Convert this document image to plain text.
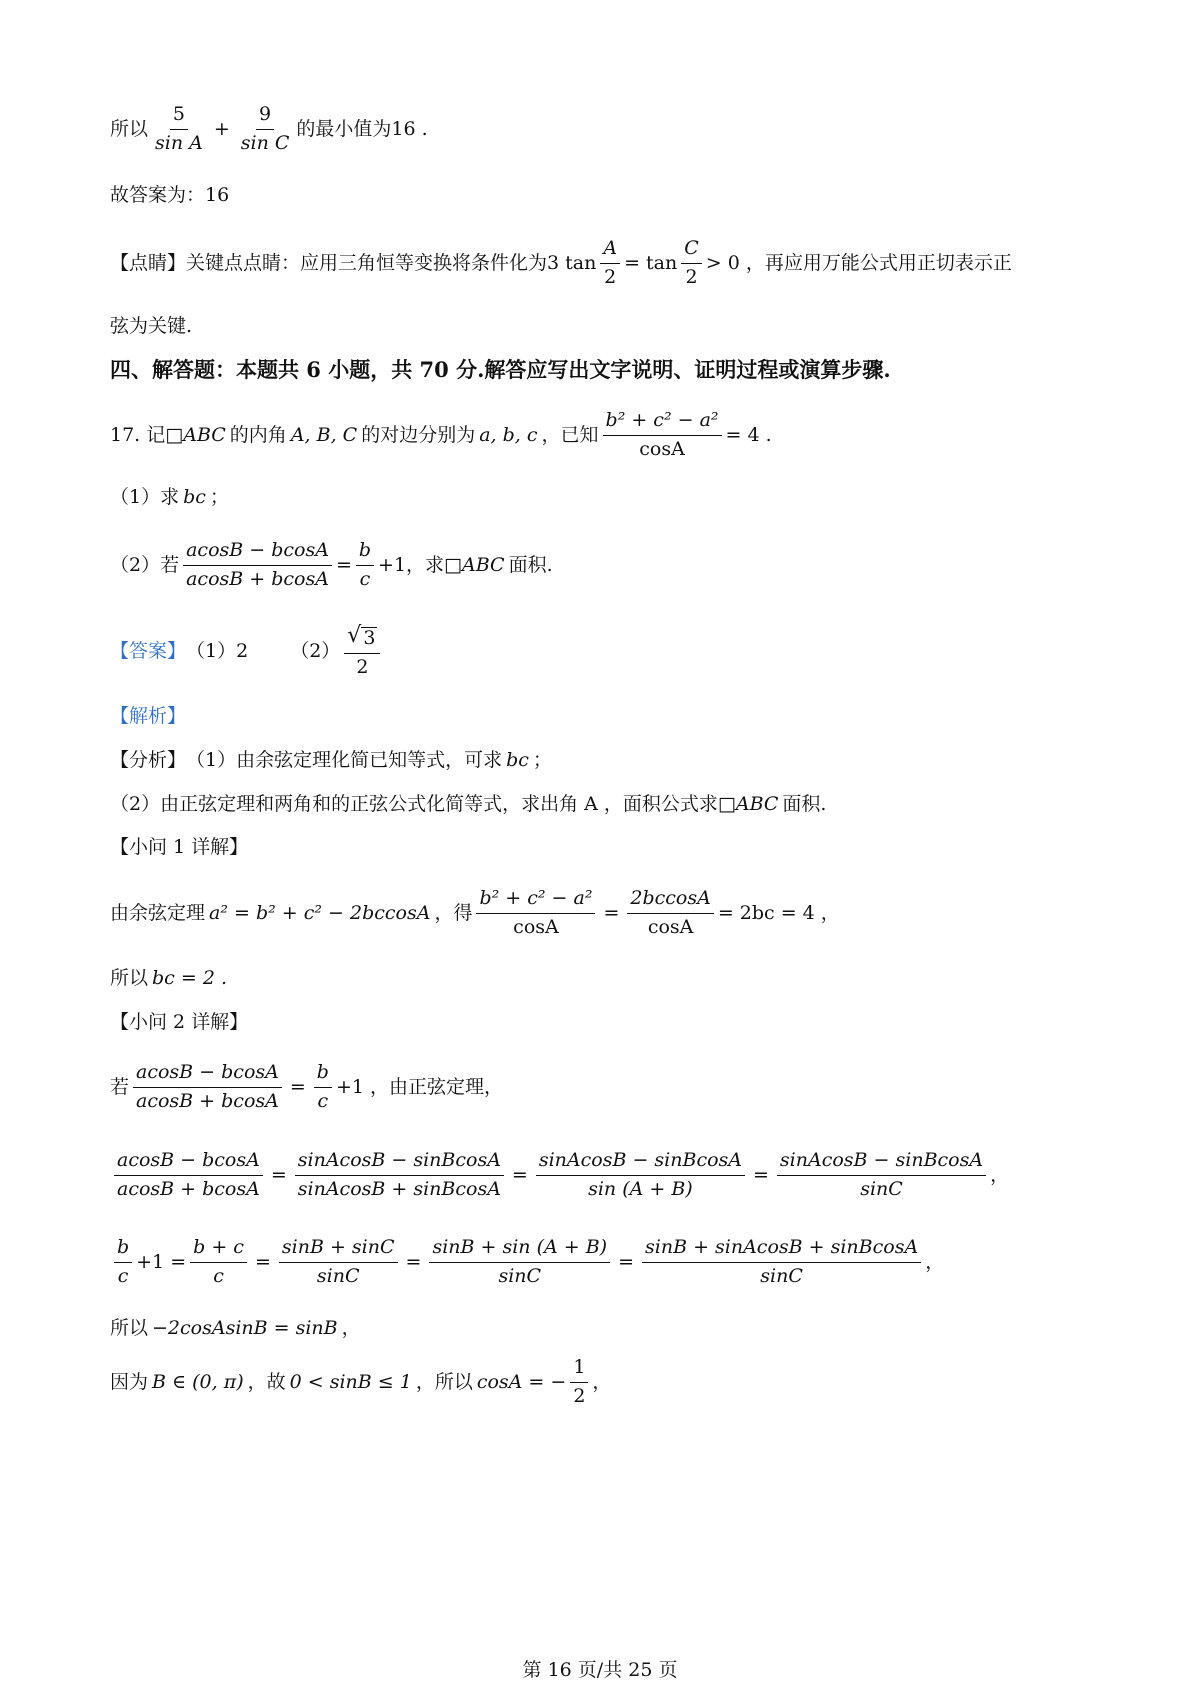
所以 $\frac{5}{\text{sin A}} + \frac{9}{\text{sin C}}$ 的最小值为16 .
故答案为：16
【点睛】关键点点睛：应用三角恒等变换将条件化为3 $\tan \frac{A}{2} = \tan \frac{C}{2} > 0$ ，再应用万能公式用正切表示正
弦为关键.
四、解答题：本题共 6 小题，共 70 分.解答应写出文字说明、证明过程或演算步骤.
17. 记 □ ABC 的内角 A, B, C 的对边分别为 a, b, c ，已知 $\frac{\text{b² + c² − a²}}{\cos A} = 4$ .
（1）求 bc ；
（2）若 $\frac{acosB - bcosA}{acosB + bcosA} = \frac{b}{c} +1$，求 □ ABC 面积.
【答案】 （1）2 $(2) \frac{√ 3}{2}$
【解析】
【分析】 （1）由余弦定理化简已知等式，可求 bc ；
（2）由正弦定理和两角和的正弦公式化简等式，求出角 A ，面积公式求 □ ABC 面积.
【小问 1 详解】
由余弦定理 a² = b² + c² − 2bccosA ，得 $\frac{\text{b² + c² − a²}}{\cos A} = \frac{2bccosA}{\cos A} = 2bc = 4$ ，
所以 bc = 2 .
【小问 2 详解】
若 $\frac{acosB - bcosA}{acosB + bcosA} = \frac{b}{c} +1$ ，由正弦定理，
$\frac{acosB - bcosA}{acosB + bcosA} = \frac{\text{sinAcosB − sinBcosA}}{\text{sinAcosB + sinBcosA}} = \frac{\text{sinAcosB − sinBcosA}}{\sin (A + B)} = \frac{\text{sinAcosB − sinBcosA}}{\sin C}$ ，
$\frac{b}{c} +1 = \frac{b + c}{c} = \frac{\sin B + \sin C}{\sin C} = \frac{\sin B + \sin (A + B)}{\sin C} = \frac{\text{sinB + sinAcosB + sinBcosA}}{\sin C}$ ，
所以 −2cosAsinB = sinB ，
因为 B ∈ (0, π) ，故 0 < sinB ≤ 1 ，所以 cosA = − $\frac{1}{2}$ ，
第 16 页/共 25 页
